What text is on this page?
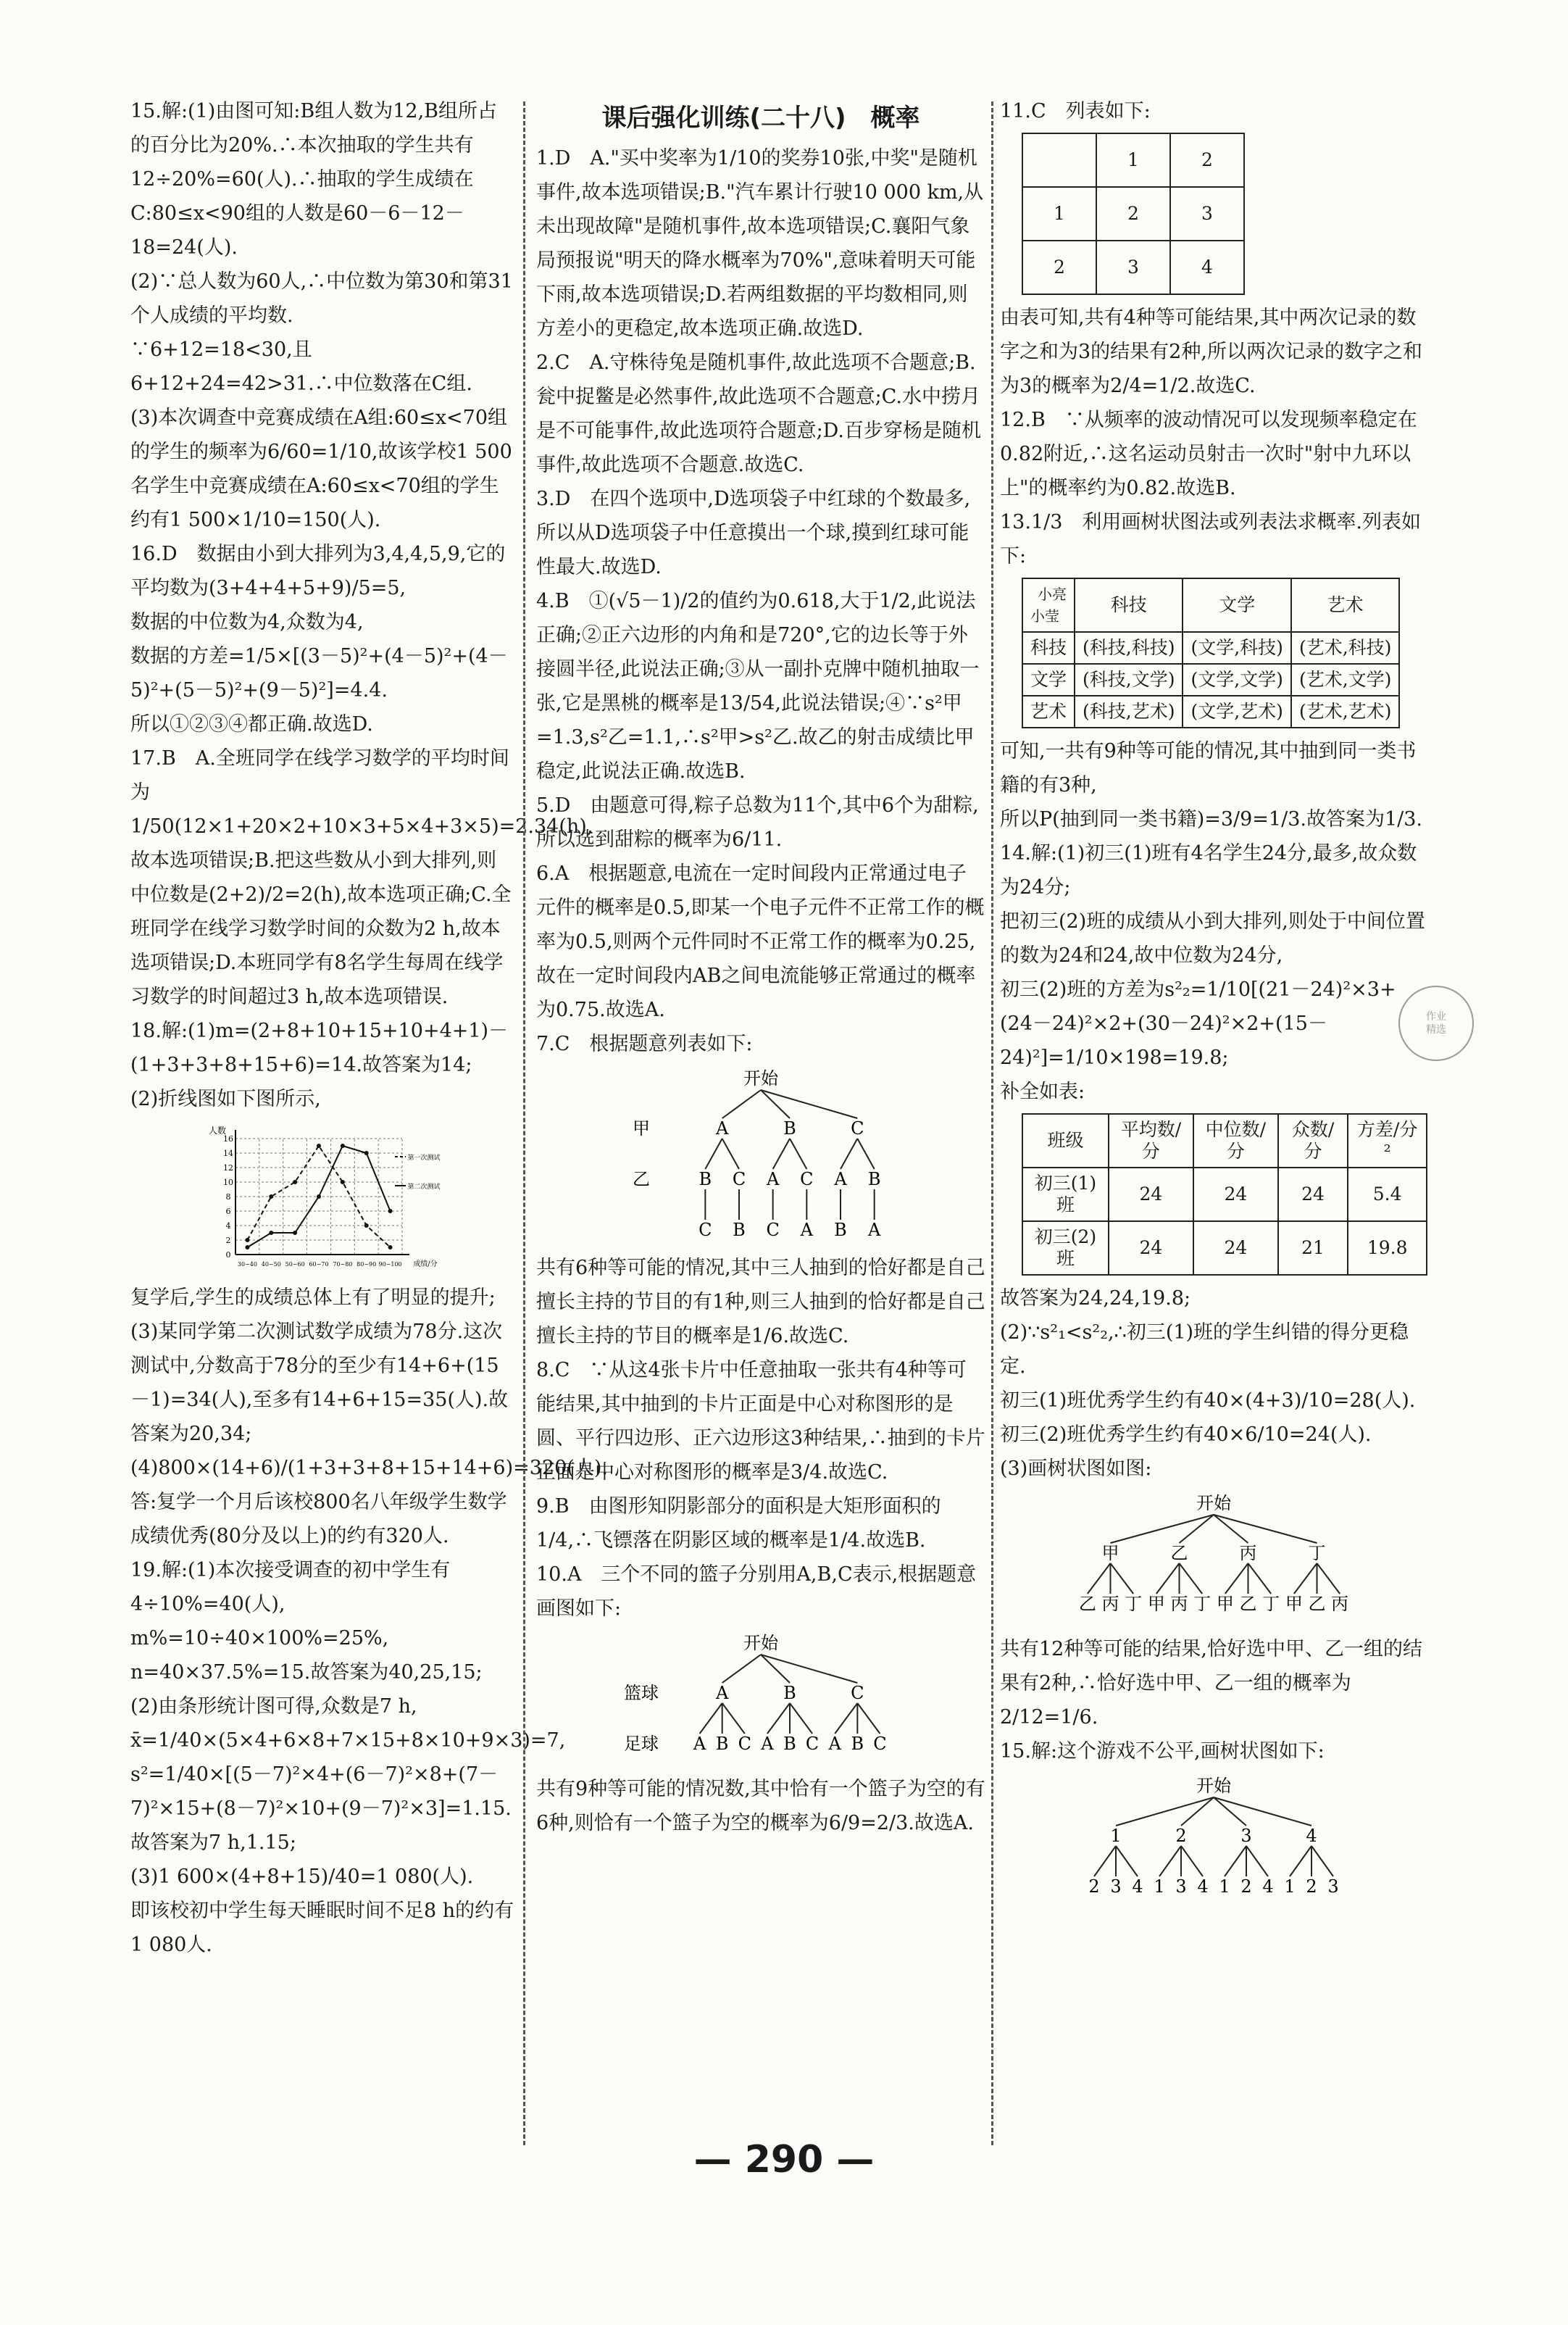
15.解:(1)由图可知:B组人数为12,B组所占的百分比为20%.∴本次抽取的学生共有12÷20%=60(人).∴抽取的学生成绩在C:80≤x<90组的人数是60－6－12－18=24(人).

(2)∵总人数为60人,∴中位数为第30和第31个人成绩的平均数.

∵6+12=18<30,且6+12+24=42>31.∴中位数落在C组.

(3)本次调查中竞赛成绩在A组:60≤x<70组的学生的频率为6/60=1/10,故该学校1 500名学生中竞赛成绩在A:60≤x<70组的学生约有1 500×1/10=150(人).

16.D　数据由小到大排列为3,4,4,5,9,它的平均数为(3+4+4+5+9)/5=5,

数据的中位数为4,众数为4,

数据的方差=1/5×[(3－5)²+(4－5)²+(4－5)²+(5－5)²+(9－5)²]=4.4.

所以①②③④都正确.故选D.

17.B　A.全班同学在线学习数学的平均时间为1/50(12×1+20×2+10×3+5×4+3×5)=2.34(h),故本选项错误;B.把这些数从小到大排列,则中位数是(2+2)/2=2(h),故本选项正确;C.全班同学在线学习数学时间的众数为2 h,故本选项错误;D.本班同学有8名学生每周在线学习数学的时间超过3 h,故本选项错误.

18.解:(1)m=(2+8+10+15+10+4+1)－(1+3+3+8+15+6)=14.故答案为14;

(2)折线图如下图所示,

人数
0
2
4
6
8
10
12
14
16
30~40 40~50 50~60 60~70 70~80 80~90 90~100 成绩/分
第一次测试
第二次测试

复学后,学生的成绩总体上有了明显的提升;

(3)某同学第二次测试数学成绩为78分.这次测试中,分数高于78分的至少有14+6+(15－1)=34(人),至多有14+6+15=35(人).故答案为20,34;

(4)800×(14+6)/(1+3+3+8+15+14+6)=320(人).

答:复学一个月后该校800名八年级学生数学成绩优秀(80分及以上)的约有320人.

19.解:(1)本次接受调查的初中学生有4÷10%=40(人),

m%=10÷40×100%=25%,

n=40×37.5%=15.故答案为40,25,15;

(2)由条形统计图可得,众数是7 h,

x̄=1/40×(5×4+6×8+7×15+8×10+9×3)=7,

s²=1/40×[(5－7)²×4+(6－7)²×8+(7－7)²×15+(8－7)²×10+(9－7)²×3]=1.15.故答案为7 h,1.15;

(3)1 600×(4+8+15)/40=1 080(人).

即该校初中学生每天睡眠时间不足8 h的约有1 080人.

课后强化训练(二十八)　概率

1.D　A."买中奖率为1/10的奖券10张,中奖"是随机事件,故本选项错误;B."汽车累计行驶10 000 km,从未出现故障"是随机事件,故本选项错误;C.襄阳气象局预报说"明天的降水概率为70%",意味着明天可能下雨,故本选项错误;D.若两组数据的平均数相同,则方差小的更稳定,故本选项正确.故选D.

2.C　A.守株待兔是随机事件,故此选项不合题意;B.瓮中捉鳖是必然事件,故此选项不合题意;C.水中捞月是不可能事件,故此选项符合题意;D.百步穿杨是随机事件,故此选项不合题意.故选C.

3.D　在四个选项中,D选项袋子中红球的个数最多,所以从D选项袋子中任意摸出一个球,摸到红球可能性最大.故选D.

4.B　①(√5－1)/2的值约为0.618,大于1/2,此说法正确;②正六边形的内角和是720°,它的边长等于外接圆半径,此说法正确;③从一副扑克牌中随机抽取一张,它是黑桃的概率是13/54,此说法错误;④∵s²甲=1.3,s²乙=1.1,∴s²甲>s²乙.故乙的射击成绩比甲稳定,此说法正确.故选B.

5.D　由题意可得,粽子总数为11个,其中6个为甜粽,所以选到甜粽的概率为6/11.

6.A　根据题意,电流在一定时间段内正常通过电子元件的概率是0.5,即某一个电子元件不正常工作的概率为0.5,则两个元件同时不正常工作的概率为0.25,故在一定时间段内AB之间电流能够正常通过的概率为0.75.故选A.

7.C　根据题意列表如下:

开始
甲
乙
A	B	C
B C A C A B
C B C A B A

共有6种等可能的情况,其中三人抽到的恰好都是自己擅长主持的节目的有1种,则三人抽到的恰好都是自己擅长主持的节目的概率是1/6.故选C.

8.C　∵从这4张卡片中任意抽取一张共有4种等可能结果,其中抽到的卡片正面是中心对称图形的是圆、平行四边形、正六边形这3种结果,∴抽到的卡片正面是中心对称图形的概率是3/4.故选C.

9.B　由图形知阴影部分的面积是大矩形面积的1/4,∴飞镖落在阴影区域的概率是1/4.故选B.

10.A　三个不同的篮子分别用A,B,C表示,根据题意画图如下:

开始
篮球
足球
A	B	C
A B C A B C A B C

共有9种等可能的情况数,其中恰有一个篮子为空的有6种,则恰有一个篮子为空的概率为6/9=2/3.故选A.

11.C　列表如下:

	1	2
1	2	3
2	3	4

由表可知,共有4种等可能结果,其中两次记录的数字之和为3的结果有2种,所以两次记录的数字之和为3的概率为2/4=1/2.故选C.

12.B　∵从频率的波动情况可以发现频率稳定在0.82附近,∴这名运动员射击一次时"射中九环以上"的概率约为0.82.故选B.

13.1/3　利用画树状图法或列表法求概率.列表如下:

小亮
小莹	科技	文学	艺术
科技	(科技,科技)	(文学,科技)	(艺术,科技)
文学	(科技,文学)	(文学,文学)	(艺术,文学)
艺术	(科技,艺术)	(文学,艺术)	(艺术,艺术)

可知,一共有9种等可能的情况,其中抽到同一类书籍的有3种,

所以P(抽到同一类书籍)=3/9=1/3.故答案为1/3.

14.解:(1)初三(1)班有4名学生24分,最多,故众数为24分;

把初三(2)班的成绩从小到大排列,则处于中间位置的数为24和24,故中位数为24分,

初三(2)班的方差为s²₂=1/10[(21－24)²×3+(24－24)²×2+(30－24)²×2+(15－24)²]=1/10×198=19.8;

补全如表:

班级	平均数/分	中位数/分	众数/分	方差/分²
初三(1)班	24	24	24	5.4
初三(2)班	24	24	21	19.8

故答案为24,24,19.8;

(2)∵s²₁<s²₂,∴初三(1)班的学生纠错的得分更稳定.

初三(1)班优秀学生约有40×(4+3)/10=28(人).

初三(2)班优秀学生约有40×6/10=24(人).

(3)画树状图如图:

开始
甲	乙	丙	丁
乙 丙 丁 甲 丙 丁 甲 乙 丁 甲 乙 丙

共有12种等可能的结果,恰好选中甲、乙一组的结果有2种,∴恰好选中甲、乙一组的概率为2/12=1/6.

15.解:这个游戏不公平,画树状图如下:

开始
1	2	3	4
2 3 4 1 3 4 1 2 4 1 2 3
作业
精选
— 290 —
